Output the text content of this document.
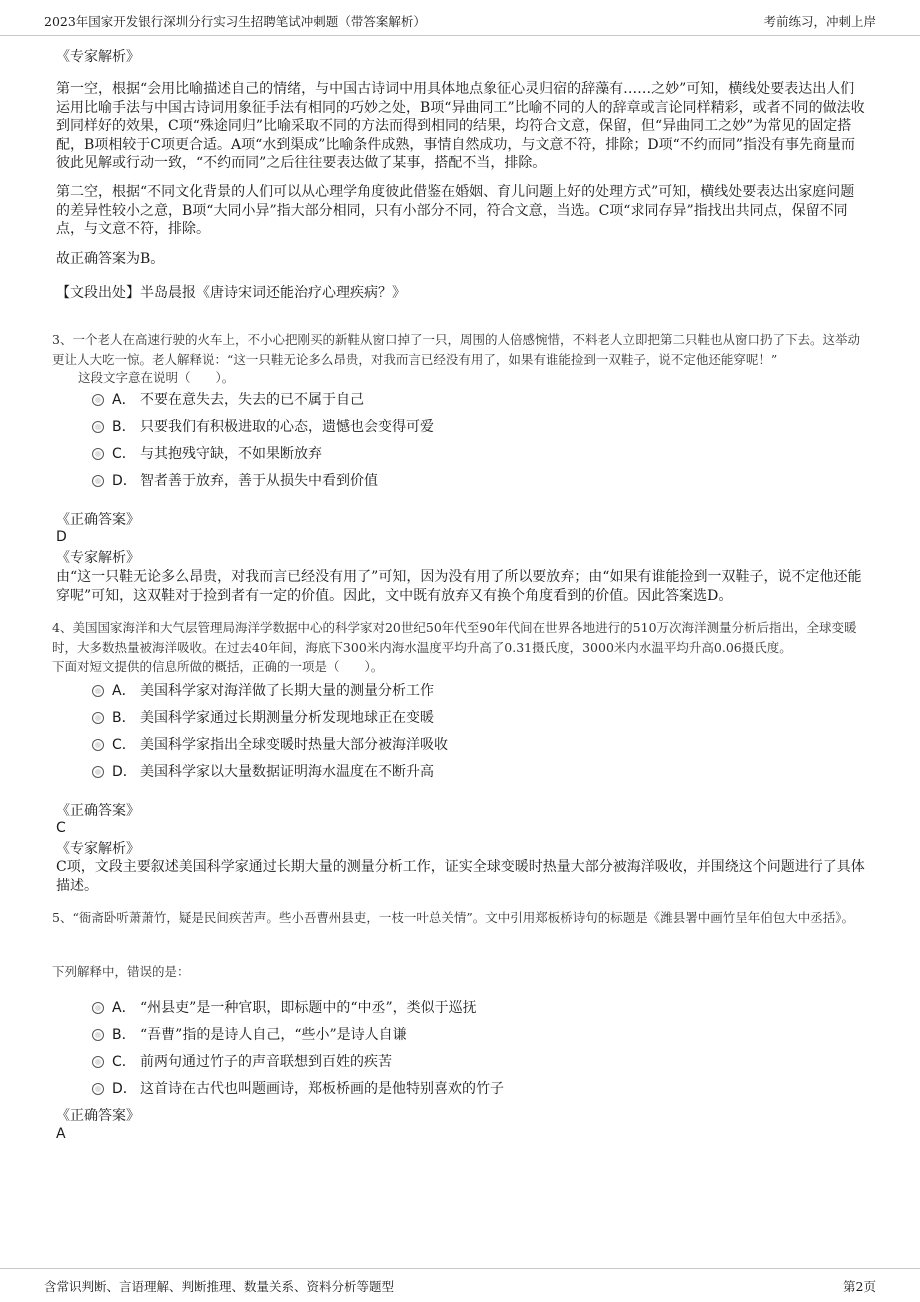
2023年国家开发银行深圳分行实习生招聘笔试冲刺题（带答案解析）	考前练习，冲刺上岸
《专家解析》
第一空，根据“会用比喻描述自己的情绪，与中国古诗词中用具体地点象征心灵归宿的辞藻有……之妙”可知，横线处要表达出人们运用比喻手法与中国古诗词用象征手法有相同的巧妙之处，B项“异曲同工”比喻不同的人的辞章或言论同样精彩，或者不同的做法收到同样好的效果，C项“殊途同归”比喻采取不同的方法而得到相同的结果，均符合文意，保留，但“异曲同工之妙”为常见的固定搭配，B项相较于C项更合适。A项“水到渠成”比喻条件成熟，事情自然成功，与文意不符，排除；D项“不约而同”指没有事先商量而彼此见解或行动一致，“不约而同”之后往往要表达做了某事，搭配不当，排除。
第二空，根据“不同文化背景的人们可以从心理学角度彼此借鉴在婚姻、育儿问题上好的处理方式”可知，横线处要表达出家庭问题的差异性较小之意，B项“大同小异”指大部分相同，只有小部分不同，符合文意，当选。C项“求同存异”指找出共同点，保留不同点，与文意不符，排除。
故正确答案为B。
【文段出处】半岛晨报《唐诗宋词还能治疗心理疾病？》
3、一个老人在高速行驶的火车上，不小心把刚买的新鞋从窗口掉了一只，周围的人倍感惋惜，不料老人立即把第二只鞋也从窗口扔了下去。这举动更让人大吃一惊。老人解释说：“这一只鞋无论多么昂贵，对我而言已经没有用了，如果有谁能捡到一双鞋子，说不定他还能穿呢！”
这段文字意在说明（　　）。
A． 不要在意失去，失去的已不属于自己
B． 只要我们有积极进取的心态，遗憾也会变得可爱
C． 与其抱残守缺，不如果断放弃
D． 智者善于放弃，善于从损失中看到价值
《正确答案》
D
《专家解析》
由“这一只鞋无论多么昂贵，对我而言已经没有用了”可知，因为没有用了所以要放弃；由“如果有谁能捡到一双鞋子，说不定他还能穿呢”可知，这双鞋对于捡到者有一定的价值。因此，文中既有放弃又有换个角度看到的价值。因此答案选D。
4、美国国家海洋和大气层管理局海洋学数据中心的科学家对20世纪50年代至90年代间在世界各地进行的510万次海洋测量分析后指出，全球变暖时，大多数热量被海洋吸收。在过去40年间，海底下300米内海水温度平均升高了0.31摄氏度，3000米内水温平均升高0.06摄氏度。
下面对短文提供的信息所做的概括，正确的一项是（　　）。
A． 美国科学家对海洋做了长期大量的测量分析工作
B． 美国科学家通过长期测量分析发现地球正在变暖
C． 美国科学家指出全球变暖时热量大部分被海洋吸收
D． 美国科学家以大量数据证明海水温度在不断升高
《正确答案》
C
《专家解析》
C项，文段主要叙述美国科学家通过长期大量的测量分析工作，证实全球变暖时热量大部分被海洋吸收，并围绕这个问题进行了具体描述。
5、“衙斋卧听萧萧竹，疑是民间疾苦声。些小吾曹州县吏，一枝一叶总关情”。文中引用郑板桥诗句的标题是《潍县署中画竹呈年伯包大中丞括》。
下列解释中，错误的是：
A． “州县吏”是一种官职，即标题中的“中丞”，类似于巡抚
B． “吾曹”指的是诗人自己，“些小”是诗人自谦
C． 前两句通过竹子的声音联想到百姓的疾苦
D． 这首诗在古代也叫题画诗，郑板桥画的是他特别喜欢的竹子
《正确答案》
A
含常识判断、言语理解、判断推理、数量关系、资料分析等题型	第2页
